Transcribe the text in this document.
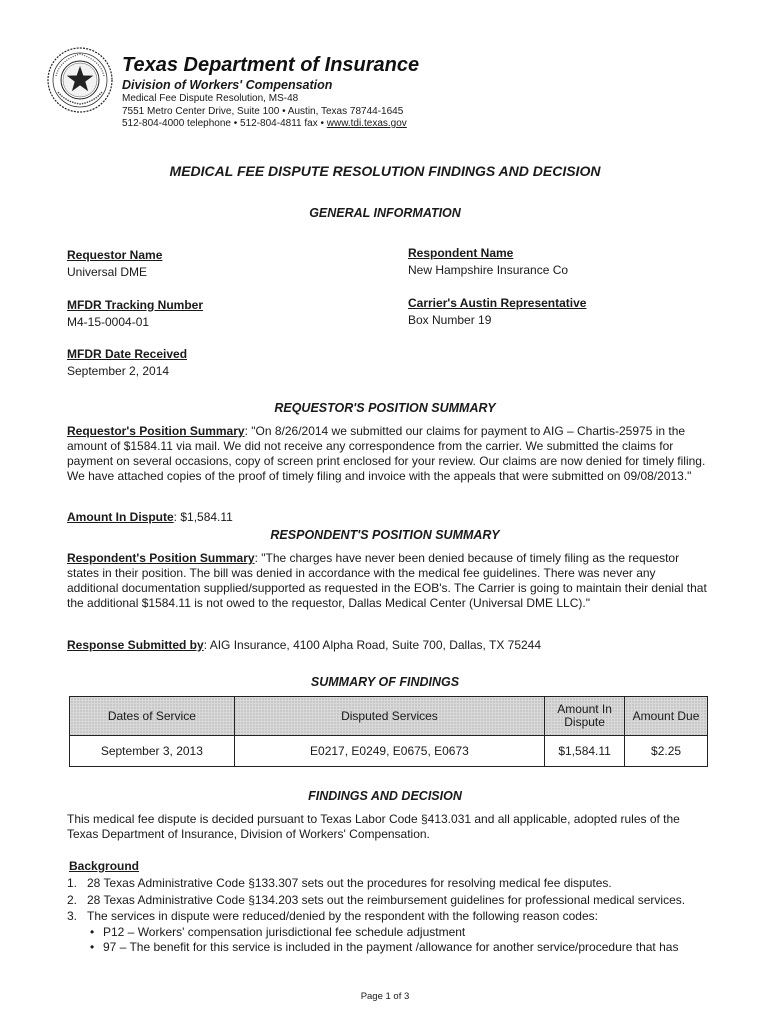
Texas Department of Insurance

Division of Workers' Compensation

Medical Fee Dispute Resolution, MS-48

7551 Metro Center Drive, Suite 100 • Austin, Texas 78744-1645

512-804-4000 telephone • 512-804-4811 fax • www.tdi.texas.gov

MEDICAL FEE DISPUTE RESOLUTION FINDINGS AND DECISION
GENERAL INFORMATION
Requestor Name
Universal DME
Respondent Name
New Hampshire Insurance Co
MFDR Tracking Number
M4-15-0004-01
Carrier's Austin Representative
Box Number 19
MFDR Date Received
September 2, 2014
REQUESTOR'S POSITION SUMMARY

Requestor's Position Summary: "On 8/26/2014 we submitted our claims for payment to AIG – Chartis-25975 in the amount of $1584.11 via mail. We did not receive any correspondence from the carrier. We submitted the claims for payment on several occasions, copy of screen print enclosed for your review. Our claims are now denied for timely filing. We have attached copies of the proof of timely filing and invoice with the appeals that were submitted on 09/08/2013."

Amount In Dispute: $1,584.11

RESPONDENT'S POSITION SUMMARY

Respondent's Position Summary: "The charges have never been denied because of timely filing as the requestor states in their position. The bill was denied in accordance with the medical fee guidelines. There was never any additional documentation supplied/supported as requested in the EOB's. The Carrier is going to maintain their denial that the additional $1584.11 is not owed to the requestor, Dallas Medical Center (Universal DME LLC)."

Response Submitted by: AIG Insurance, 4100 Alpha Road, Suite 700, Dallas, TX 75244

SUMMARY OF FINDINGS
Dates of Service	Disputed Services	Amount In Dispute	Amount Due
September 3, 2013	E0217, E0249, E0675, E0673	$1,584.11	$2.25
FINDINGS AND DECISION

This medical fee dispute is decided pursuant to Texas Labor Code §413.031 and all applicable, adopted rules of the Texas Department of Insurance, Division of Workers' Compensation.

Background

1. 28 Texas Administrative Code §133.307 sets out the procedures for resolving medical fee disputes.
2. 28 Texas Administrative Code §134.203 sets out the reimbursement guidelines for professional medical services.
3. The services in dispute were reduced/denied by the respondent with the following reason codes:
• P12 – Workers' compensation jurisdictional fee schedule adjustment
• 97 – The benefit for this service is included in the payment /allowance for another service/procedure that has
Page 1 of 3
